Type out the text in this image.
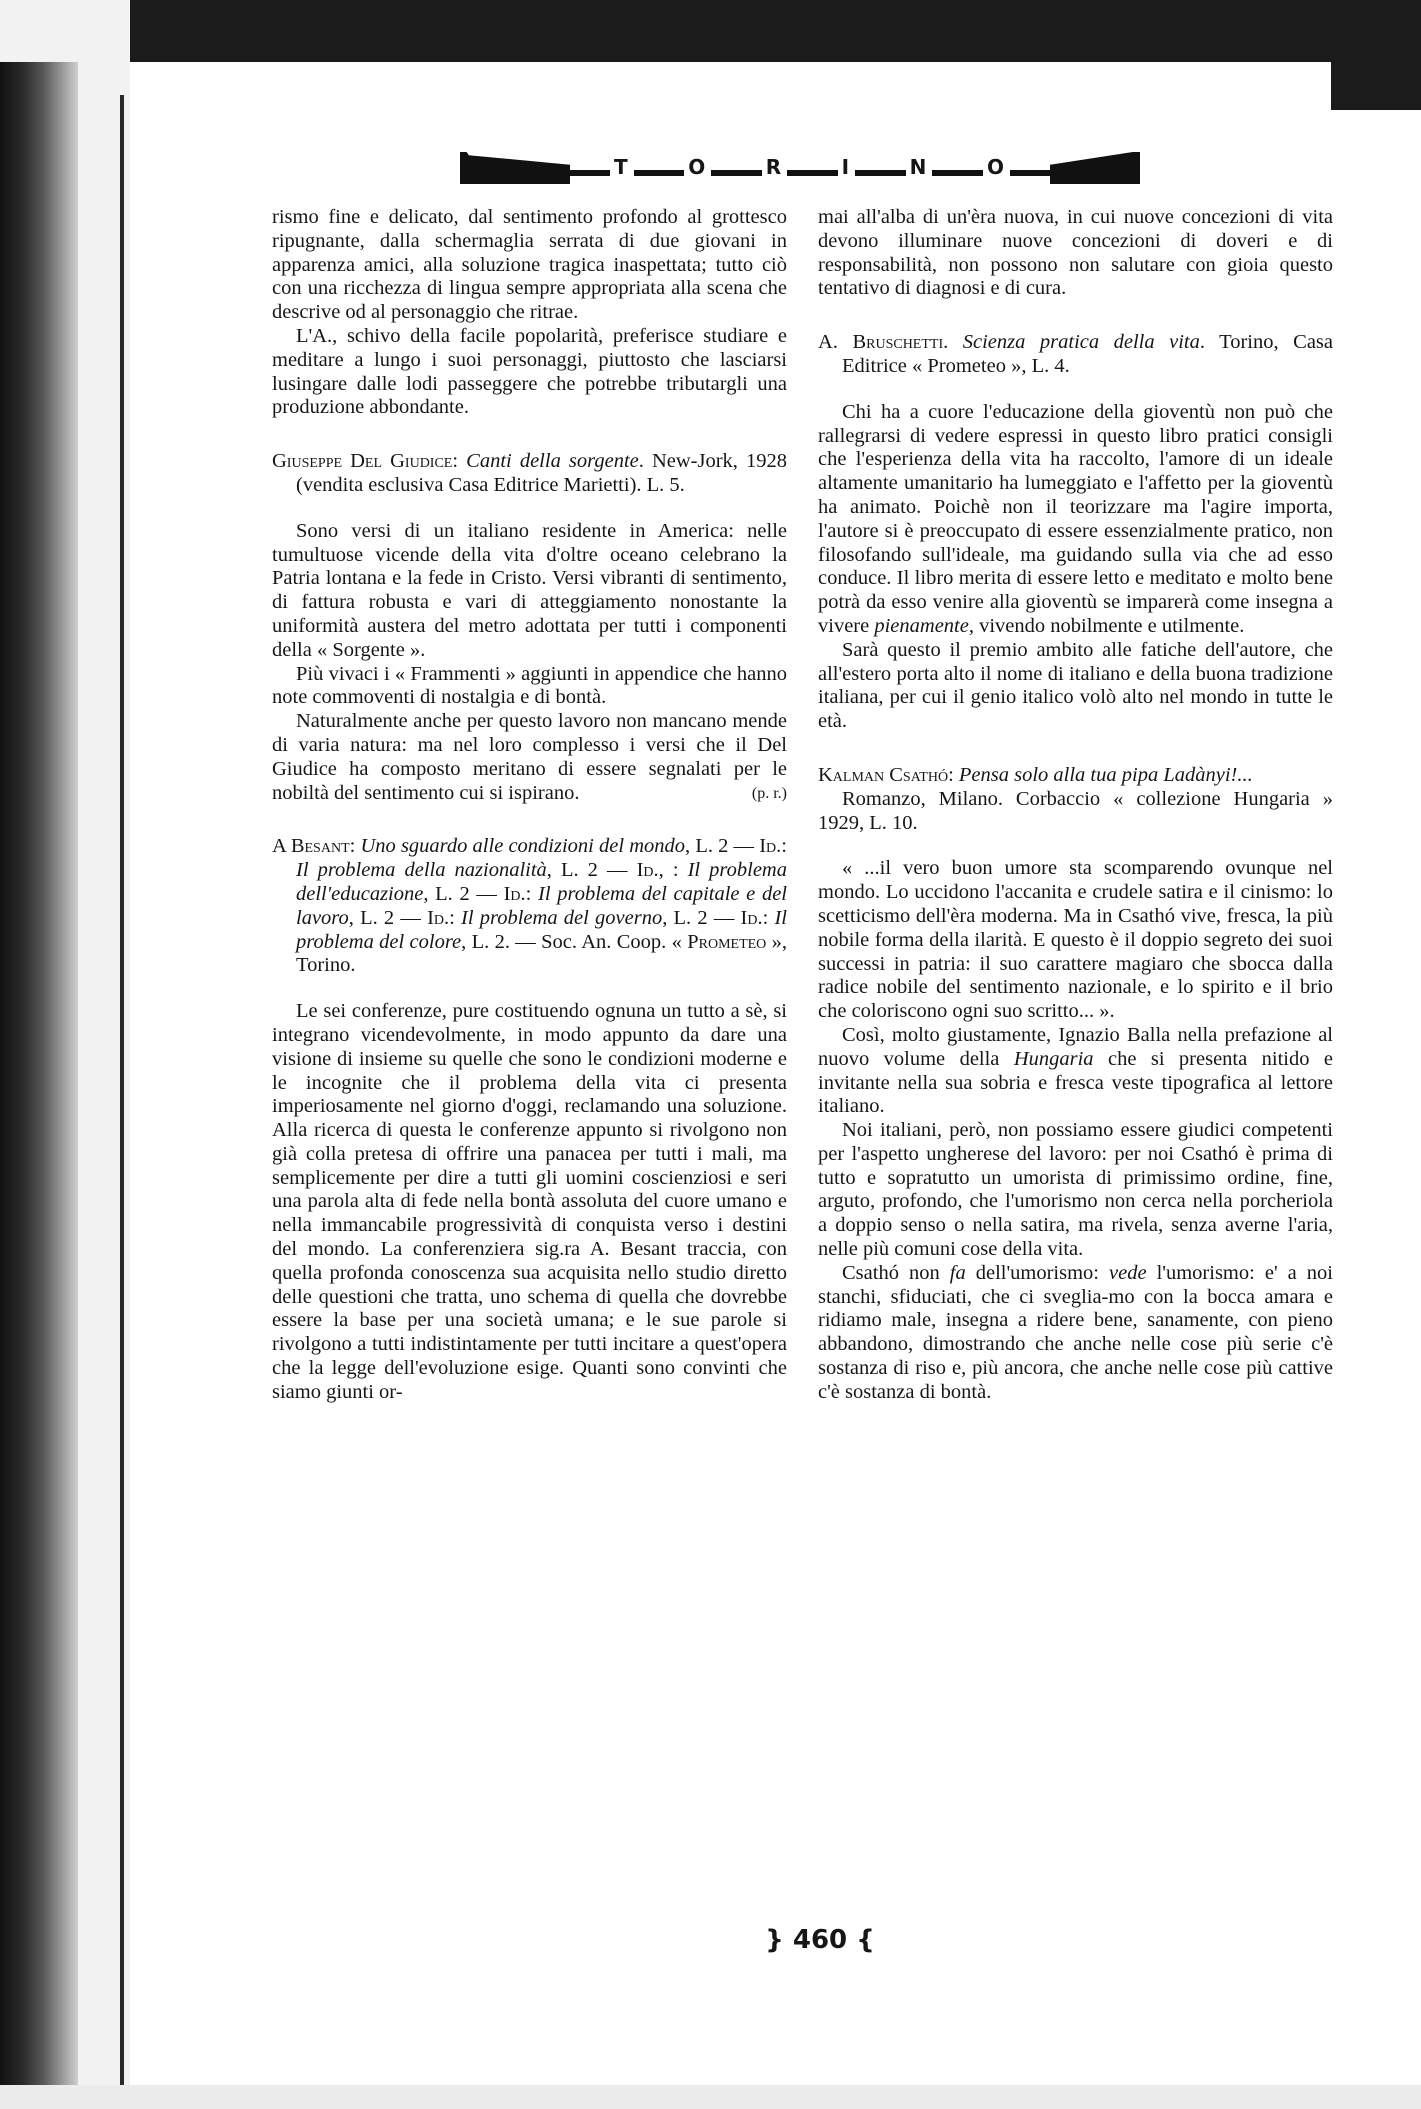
T	O	R	I	N	O

rismo fine e delicato, dal sentimento profondo al grottesco ripugnante, dalla schermaglia serrata di due giovani in apparenza amici, alla soluzione tragica inaspettata; tutto ciò con una ricchezza di lingua sempre appropriata alla scena che descrive od al personaggio che ritrae.

L'A., schivo della facile popolarità, preferisce studiare e meditare a lungo i suoi personaggi, piuttosto che lasciarsi lusingare dalle lodi passeggere che potrebbe tributargli una produzione abbondante.

Giuseppe Del Giudice: Canti della sorgente. New-Jork, 1928 (vendita esclusiva Casa Editrice Marietti). L. 5.

Sono versi di un italiano residente in America: nelle tumultuose vicende della vita d'oltre oceano celebrano la Patria lontana e la fede in Cristo. Versi vibranti di sentimento, di fattura robusta e vari di atteggiamento nonostante la uniformità austera del metro adottata per tutti i componenti della « Sorgente ».

Più vivaci i « Frammenti » aggiunti in appendice che hanno note commoventi di nostalgia e di bontà.

Naturalmente anche per questo lavoro non mancano mende di varia natura: ma nel loro complesso i versi che il Del Giudice ha composto meritano di essere segnalati per le nobiltà del sentimento cui si ispirano.	(p. r.)

A Besant: Uno sguardo alle condizioni del mondo, L. 2 — Id.: Il problema della nazionalità, L. 2 — Id., : Il problema dell'educazione, L. 2 — Id.: Il problema del capitale e del lavoro, L. 2 — Id.: Il problema del governo, L. 2 — Id.: Il problema del colore, L. 2. — Soc. An. Coop. « Prometeo », Torino.

Le sei conferenze, pure costituendo ognuna un tutto a sè, si integrano vicendevolmente, in modo appunto da dare una visione di insieme su quelle che sono le condizioni moderne e le incognite che il problema della vita ci presenta imperiosamente nel giorno d'oggi, reclamando una soluzione. Alla ricerca di questa le conferenze appunto si rivolgono non già colla pretesa di offrire una panacea per tutti i mali, ma semplicemente per dire a tutti gli uomini coscienziosi e seri una parola alta di fede nella bontà assoluta del cuore umano e nella immancabile progressività di conquista verso i destini del mondo. La conferenziera sig.ra A. Besant traccia, con quella profonda conoscenza sua acquisita nello studio diretto delle questioni che tratta, uno schema di quella che dovrebbe essere la base per una società umana; e le sue parole si rivolgono a tutti indistintamente per tutti incitare a quest'opera che la legge dell'evoluzione esige. Quanti sono convinti che siamo giunti or-

mai all'alba di un'èra nuova, in cui nuove concezioni di vita devono illuminare nuove concezioni di doveri e di responsabilità, non possono non salutare con gioia questo tentativo di diagnosi e di cura.

A. Bruschetti. Scienza pratica della vita. Torino, Casa Editrice « Prometeo », L. 4.

Chi ha a cuore l'educazione della gioventù non può che rallegrarsi di vedere espressi in questo libro pratici consigli che l'esperienza della vita ha raccolto, l'amore di un ideale altamente umanitario ha lumeggiato e l'affetto per la gioventù ha animato. Poichè non il teorizzare ma l'agire importa, l'autore si è preoccupato di essere essenzialmente pratico, non filosofando sull'ideale, ma guidando sulla via che ad esso conduce. Il libro merita di essere letto e meditato e molto bene potrà da esso venire alla gioventù se imparerà come insegna a vivere pienamente, vivendo nobilmente e utilmente.

Sarà questo il premio ambito alle fatiche dell'autore, che all'estero porta alto il nome di italiano e della buona tradizione italiana, per cui il genio italico volò alto nel mondo in tutte le età.

Kalman Csathó: Pensa solo alla tua pipa Ladànyi!...

Romanzo, Milano. Corbaccio « collezione Hungaria » 1929, L. 10.

« ...il vero buon umore sta scomparendo ovunque nel mondo. Lo uccidono l'accanita e crudele satira e il cinismo: lo scetticismo dell'èra moderna. Ma in Csathó vive, fresca, la più nobile forma della ilarità. E questo è il doppio segreto dei suoi successi in patria: il suo carattere magiaro che sbocca dalla radice nobile del sentimento nazionale, e lo spirito e il brio che coloriscono ogni suo scritto... ».

Così, molto giustamente, Ignazio Balla nella prefazione al nuovo volume della Hungaria che si presenta nitido e invitante nella sua sobria e fresca veste tipografica al lettore italiano.

Noi italiani, però, non possiamo essere giudici competenti per l'aspetto ungherese del lavoro: per noi Csathó è prima di tutto e sopratutto un umorista di primissimo ordine, fine, arguto, profondo, che l'umorismo non cerca nella porcheriola a doppio senso o nella satira, ma rivela, senza averne l'aria, nelle più comuni cose della vita.

Csathó non fa dell'umorismo: vede l'umorismo: e' a noi stanchi, sfiduciati, che ci sveglia-mo con la bocca amara e ridiamo male, insegna a ridere bene, sanamente, con pieno abbandono, dimostrando che anche nelle cose più serie c'è sostanza di riso e, più ancora, che anche nelle cose più cattive c'è sostanza di bontà.

} 460 {
